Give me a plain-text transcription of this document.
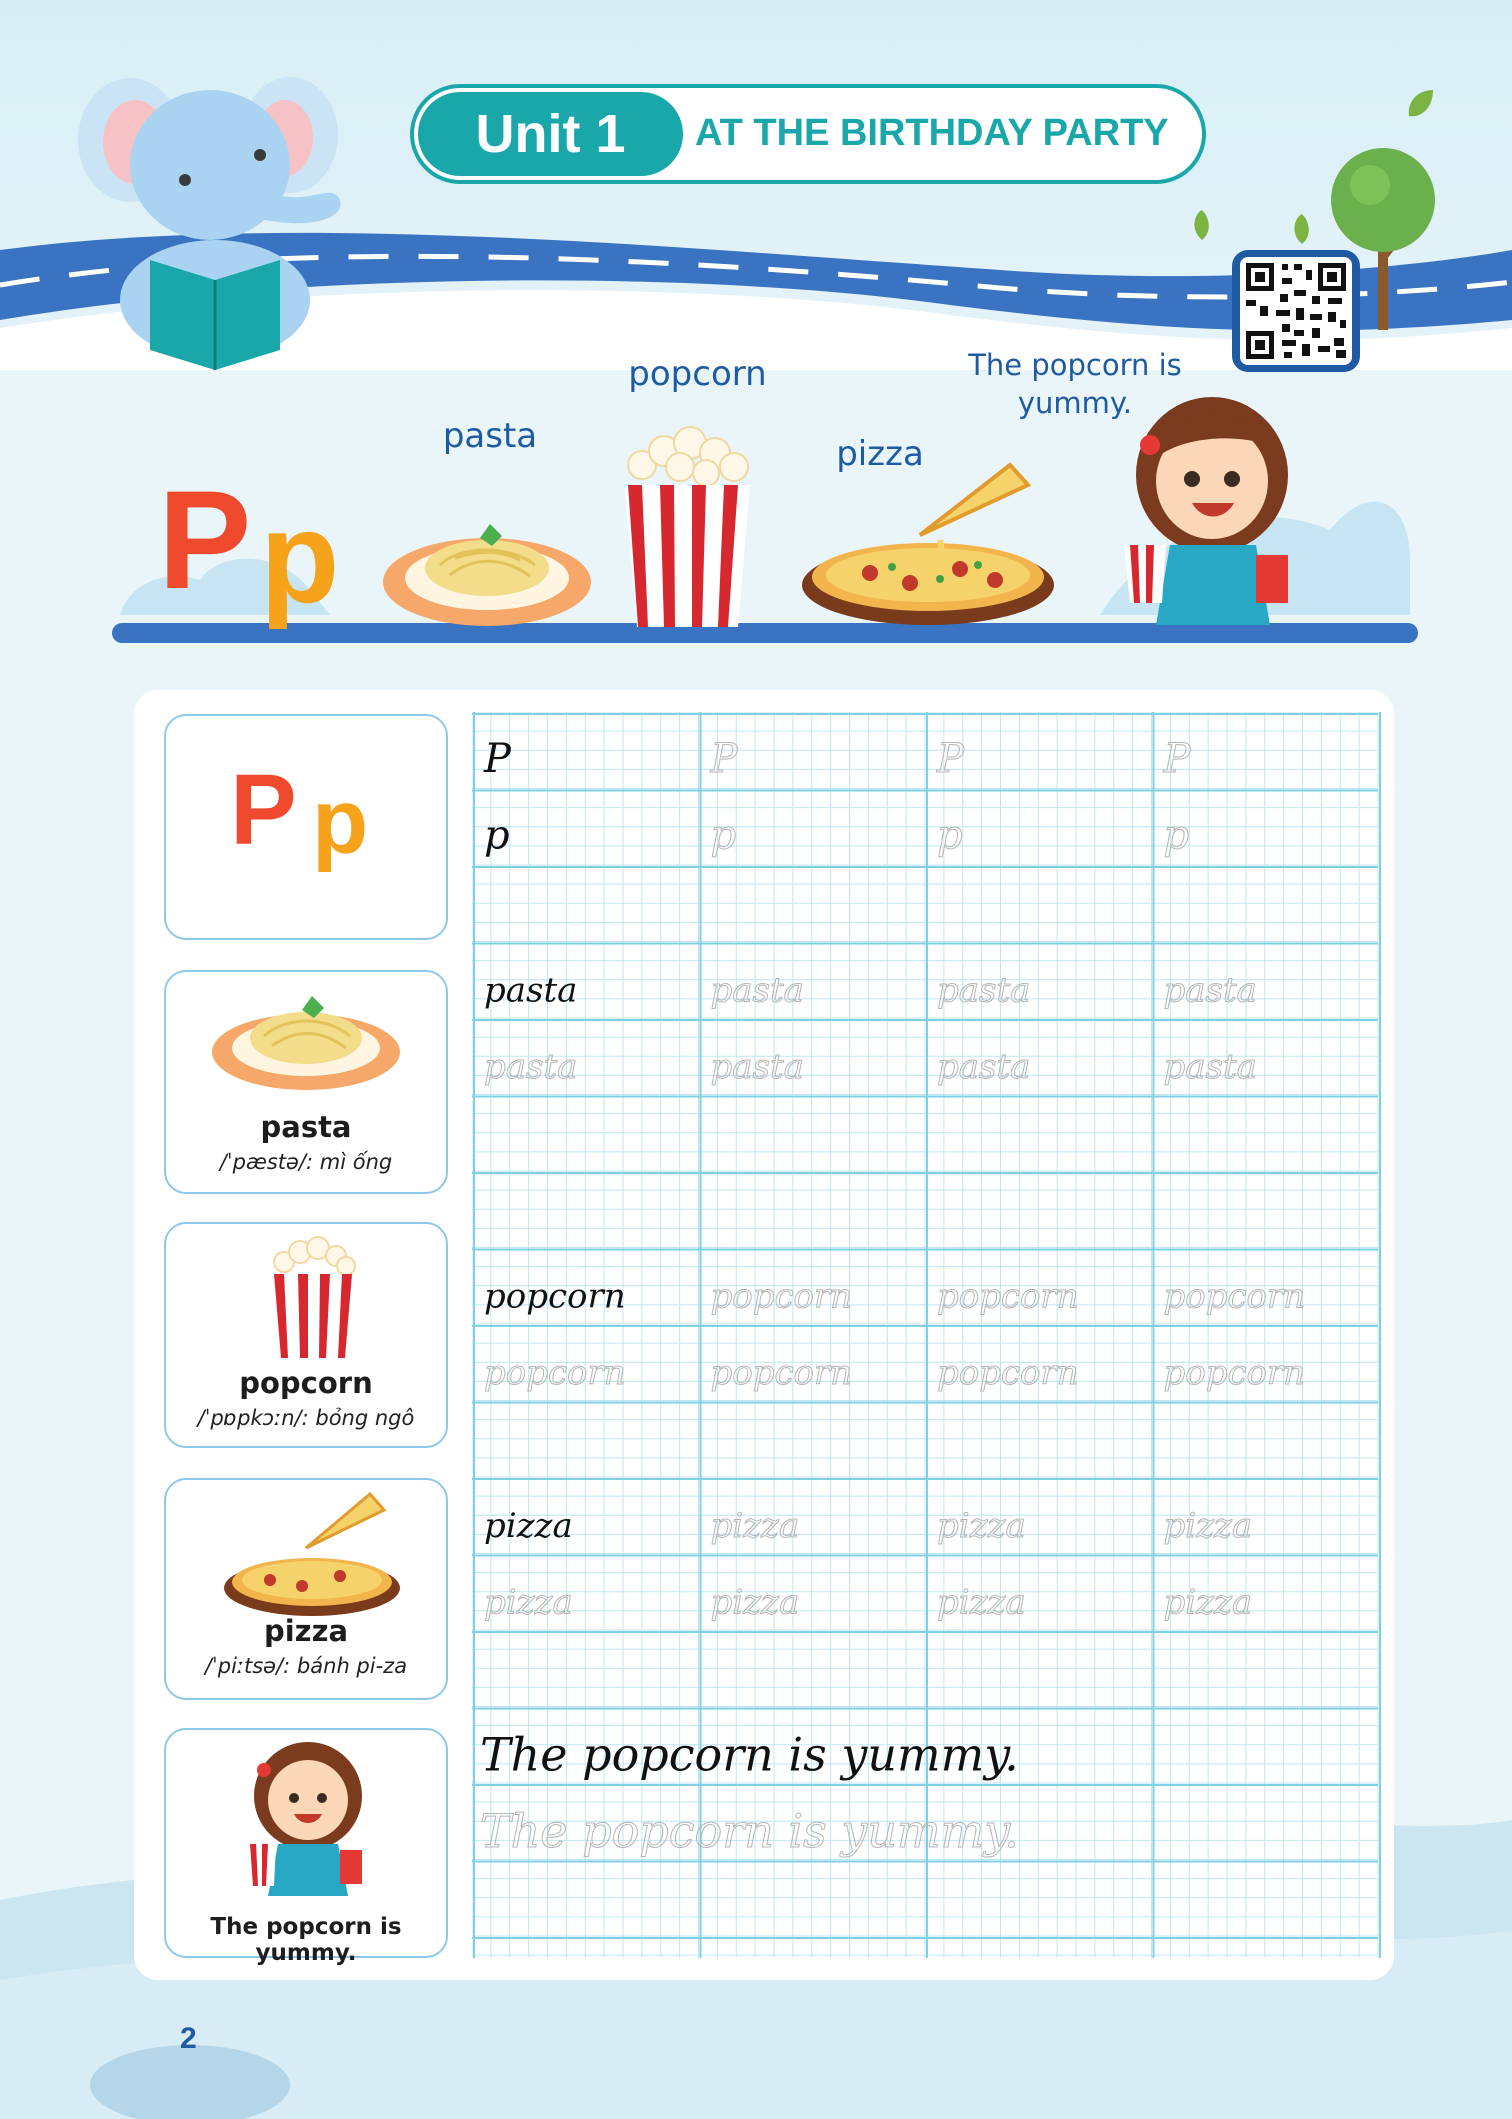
Unit 1	AT THE BIRTHDAY PARTY
P p
pasta
popcorn
pizza
The popcorn is yummy.
P p
pasta
/ˈpæstə/: mì ống
popcorn
/ˈpɒpkɔːn/: bỏng ngô
pizza
/ˈpiːtsə/: bánh pi-za
The popcorn is yummy.
P	P	P	P
p	p	p	p
pasta	pasta	pasta	pasta
pasta	pasta	pasta	pasta
popcorn popcorn popcorn popcorn
popcorn popcorn popcorn popcorn
pizza	pizza	pizza	pizza
pizza	pizza	pizza	pizza
The popcorn is yummy.
The popcorn is yummy.
2
